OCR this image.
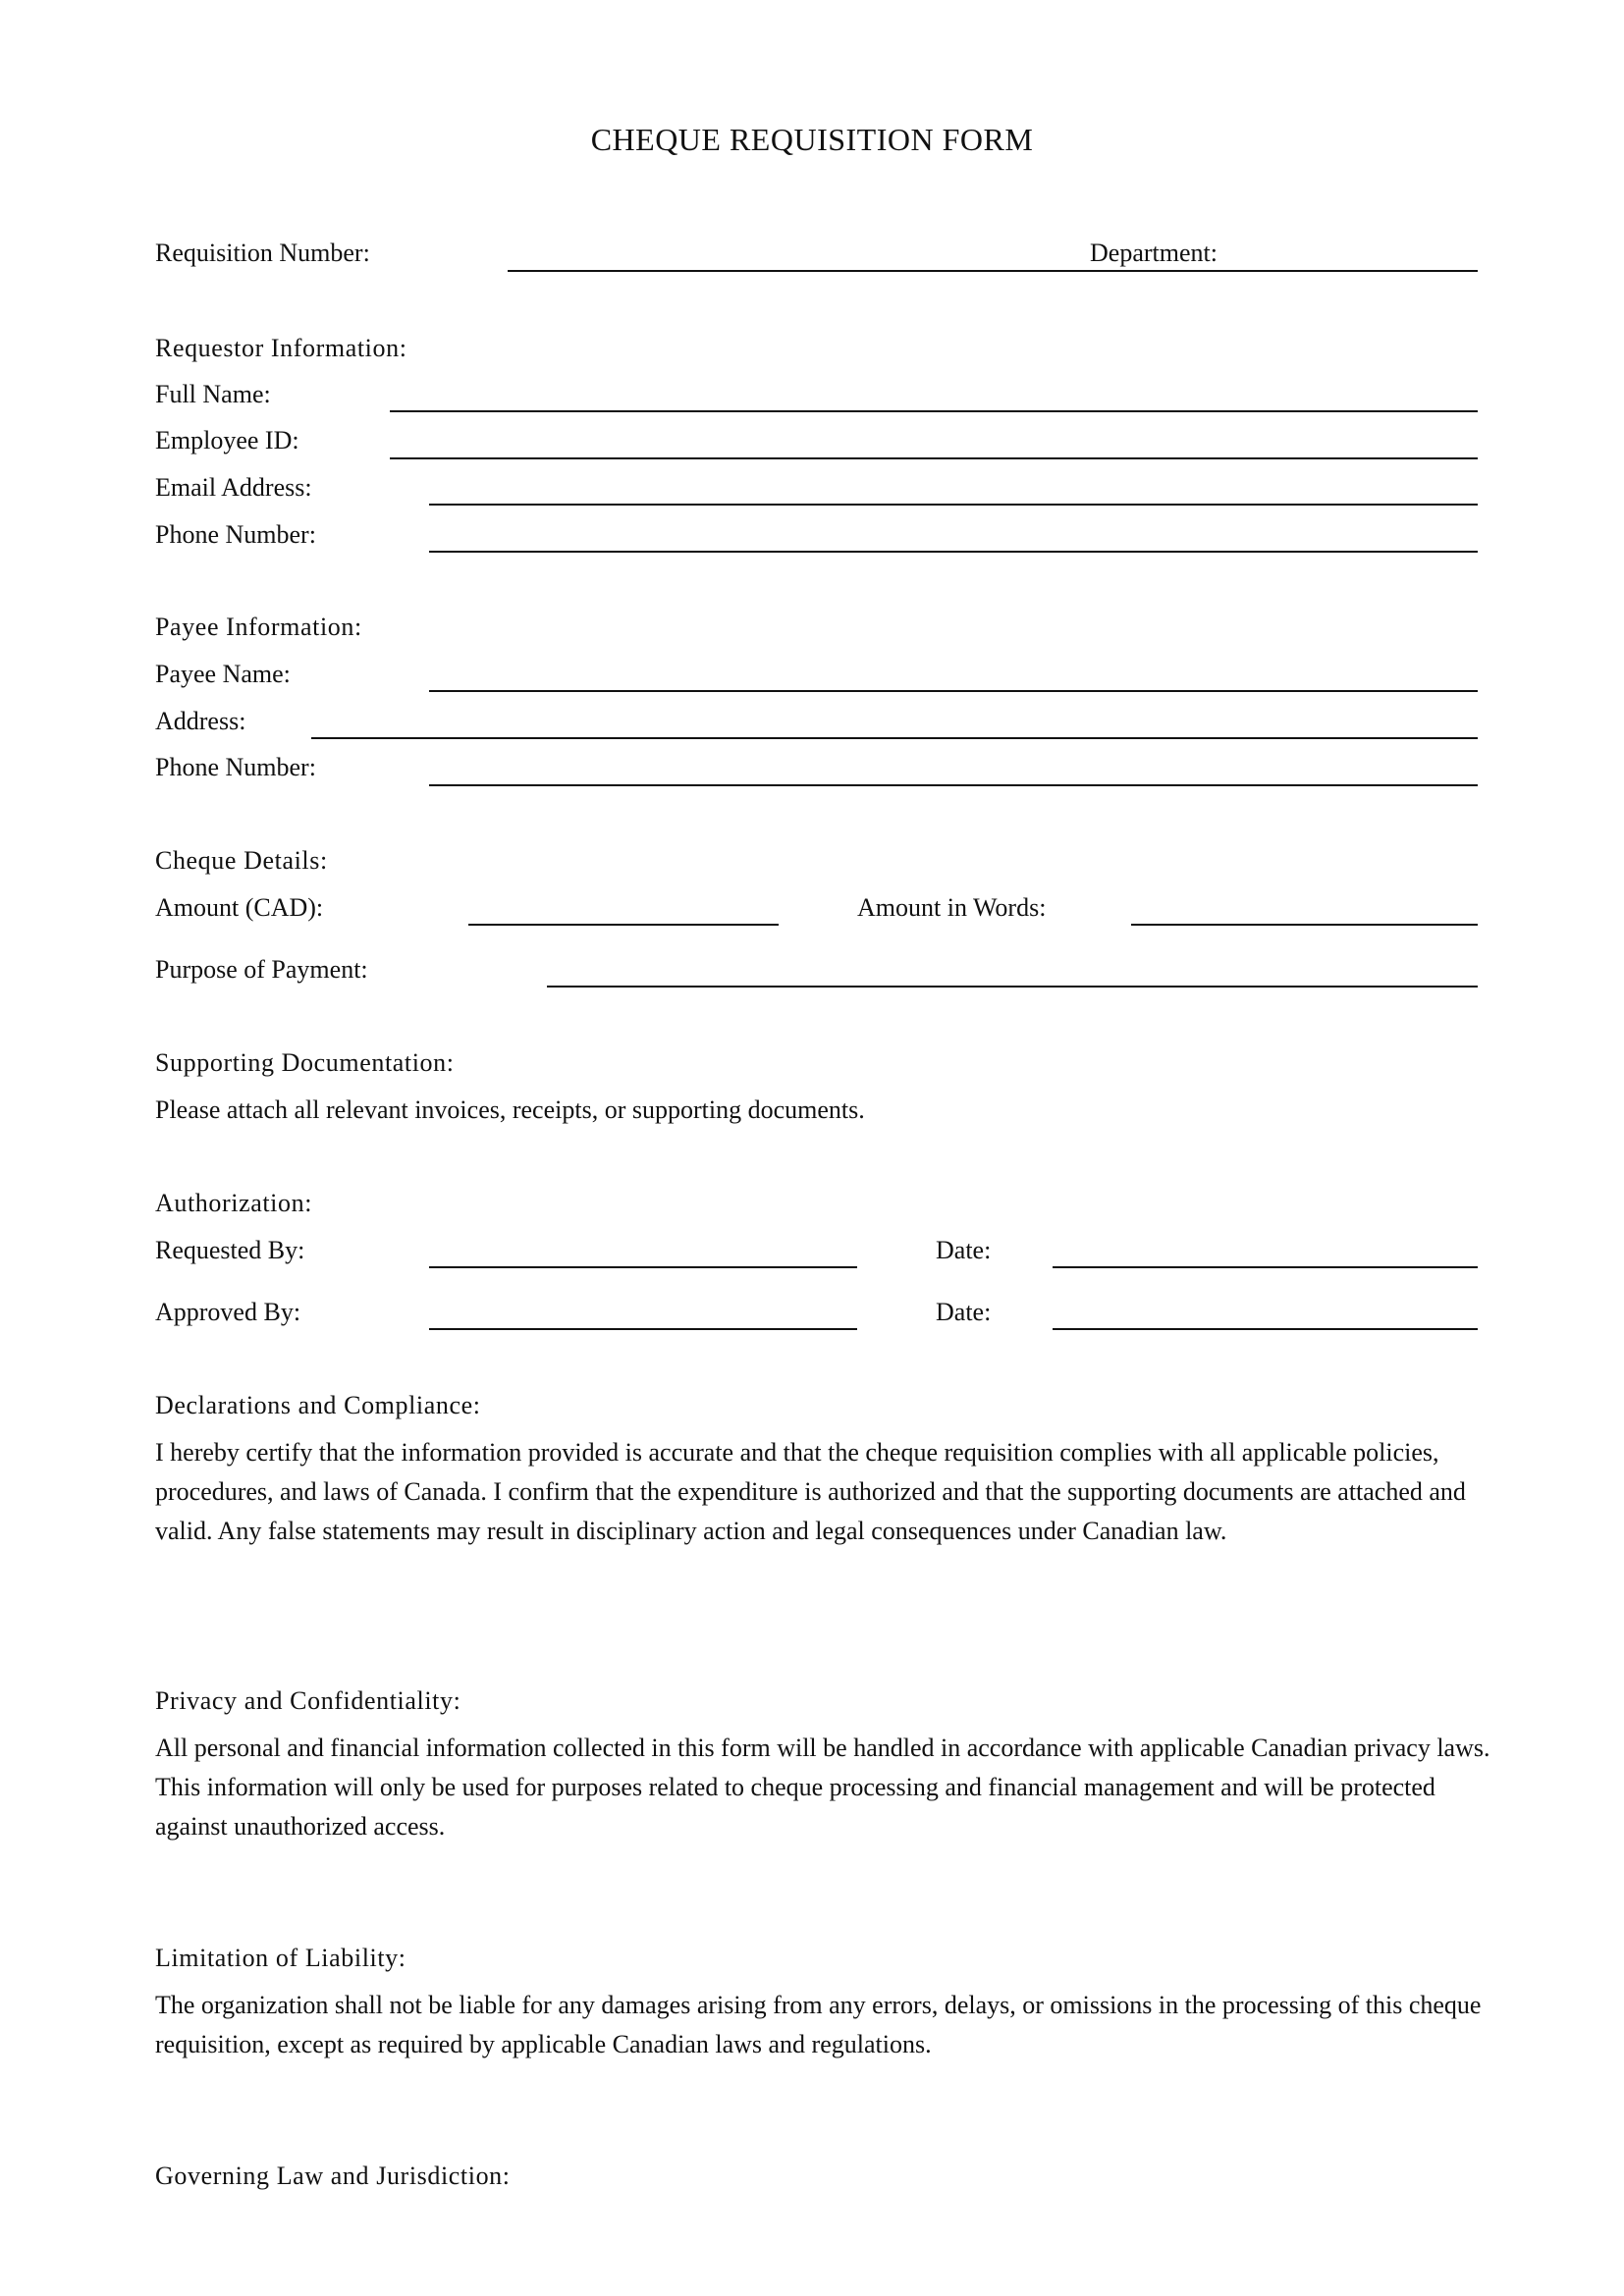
CHEQUE REQUISITION FORM
Requisition Number:	Department:
Requestor Information:
Full Name:
Employee ID:
Email Address:
Phone Number:
Payee Information:
Payee Name:
Address:
Phone Number:
Cheque Details:
Amount (CAD):	Amount in Words:
Purpose of Payment:
Supporting Documentation:
Please attach all relevant invoices, receipts, or supporting documents.
Authorization:
Requested By:	Date:
Approved By:	Date:
Declarations and Compliance:
I hereby certify that the information provided is accurate and that the cheque requisition complies with all applicable policies, procedures, and laws of Canada. I confirm that the expenditure is authorized and that the supporting documents are attached and valid. Any false statements may result in disciplinary action and legal consequences under Canadian law.
Privacy and Confidentiality:
All personal and financial information collected in this form will be handled in accordance with applicable Canadian privacy laws. This information will only be used for purposes related to cheque processing and financial management and will be protected against unauthorized access.
Limitation of Liability:
The organization shall not be liable for any damages arising from any errors, delays, or omissions in the processing of this cheque requisition, except as required by applicable Canadian laws and regulations.
Governing Law and Jurisdiction:
